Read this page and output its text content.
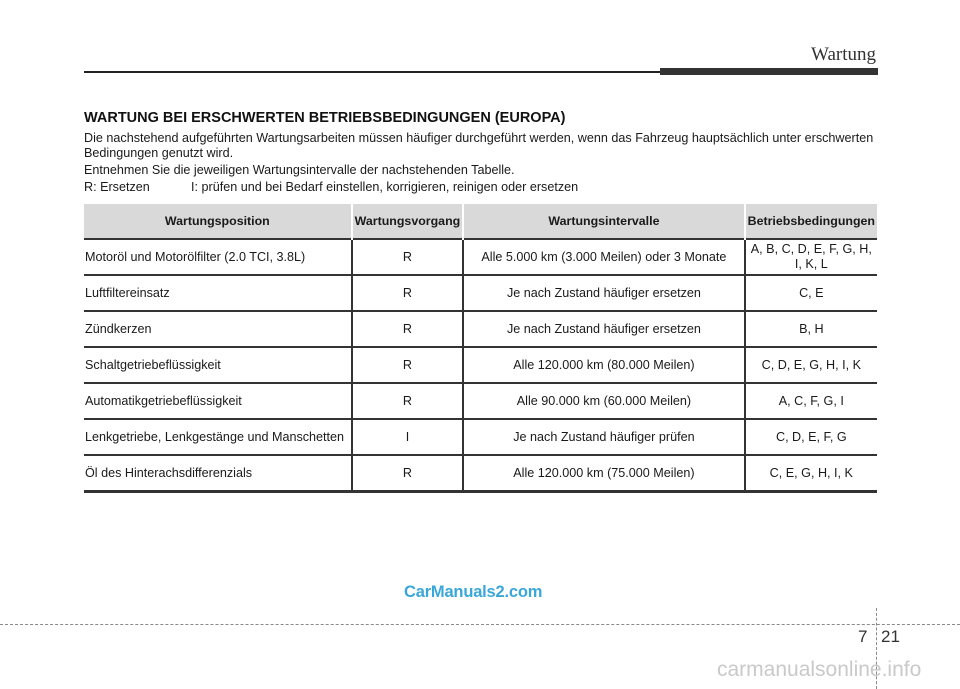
Wartung
WARTUNG BEI ERSCHWERTEN BETRIEBSBEDINGUNGEN (EUROPA)

Die nachstehend aufgeführten Wartungsarbeiten müssen häufiger durchgeführt werden, wenn das Fahrzeug hauptsächlich unter erschwerten Bedingungen genutzt wird.

Entnehmen Sie die jeweiligen Wartungsintervalle der nachstehenden Tabelle.

R: Ersetzen	I: prüfen und bei Bedarf einstellen, korrigieren, reinigen oder ersetzen
Wartungsposition	Wartungsvorgang	Wartungsintervalle	Betriebsbedingungen
Motoröl und Motorölfilter (2.0 TCI, 3.8L)	R	Alle 5.000 km (3.000 Meilen) oder 3 Monate	A, B, C, D, E, F, G, H, I, K, L
Luftfiltereinsatz	R	Je nach Zustand häufiger ersetzen	C, E
Zündkerzen	R	Je nach Zustand häufiger ersetzen	B, H
Schaltgetriebeflüssigkeit	R	Alle 120.000 km (80.000 Meilen)	C, D, E, G, H, I, K
Automatikgetriebeflüssigkeit	R	Alle 90.000 km (60.000 Meilen)	A, C, F, G, I
Lenkgetriebe, Lenkgestänge und Manschetten	I	Je nach Zustand häufiger prüfen	C, D, E, F, G
Öl des Hinterachsdifferenzials	R	Alle 120.000 km (75.000 Meilen)	C, E, G, H, I, K
CarManuals2.com
7 21
carmanualsonline.info
